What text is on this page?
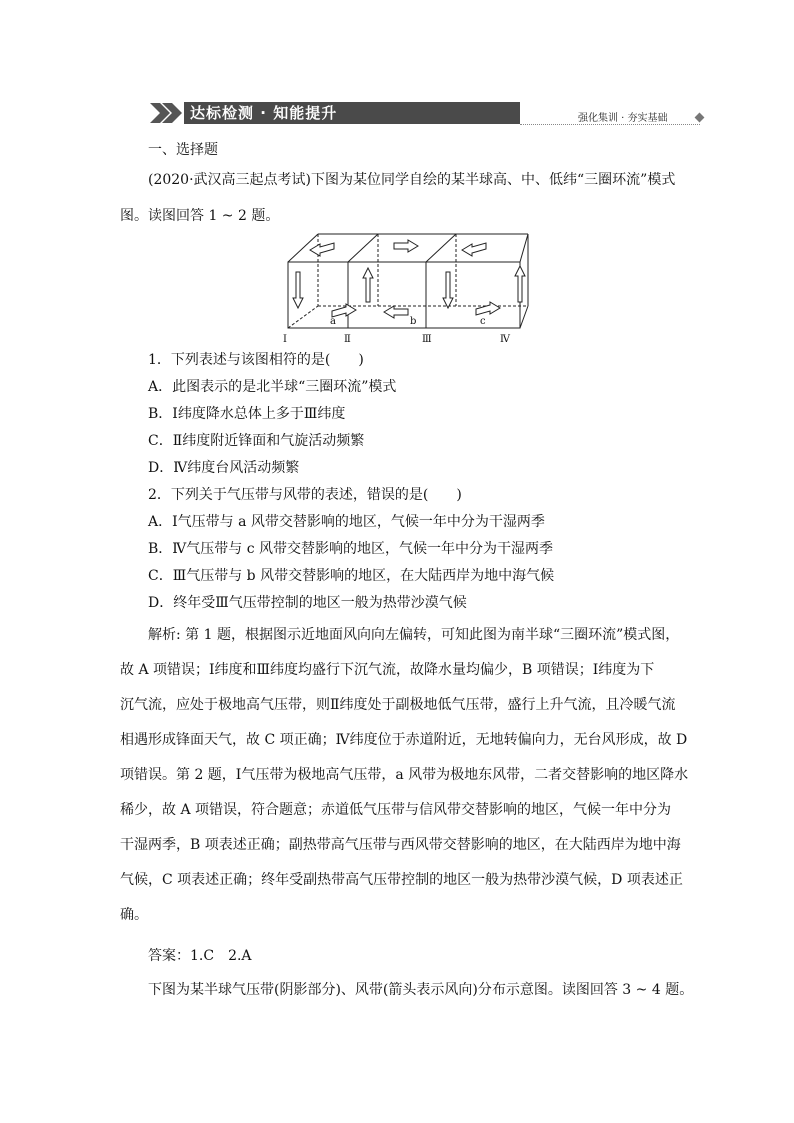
达标检测 · 知能提升	强化集训 · 夯实基础
一、选择题
(2020·武汉高三起点考试)下图为某位同学自绘的某半球高、中、低纬“三圈环流”模式
图。读图回答 1 ~ 2 题。
Ⅰ	Ⅱ	Ⅲ	Ⅳ
a	b	c
1．下列表述与该图相符的是(　　)
A．此图表示的是北半球“三圈环流”模式
B．Ⅰ纬度降水总体上多于Ⅲ纬度
C．Ⅱ纬度附近锋面和气旋活动频繁
D．Ⅳ纬度台风活动频繁
2．下列关于气压带与风带的表述，错误的是(　　)
A．Ⅰ气压带与 a 风带交替影响的地区，气候一年中分为干湿两季
B．Ⅳ气压带与 c 风带交替影响的地区，气候一年中分为干湿两季
C．Ⅲ气压带与 b 风带交替影响的地区，在大陆西岸为地中海气候
D．终年受Ⅲ气压带控制的地区一般为热带沙漠气候
解析: 第 1 题，根据图示近地面风向向左偏转，可知此图为南半球“三圈环流”模式图，
故 A 项错误；Ⅰ纬度和Ⅲ纬度均盛行下沉气流，故降水量均偏少，B 项错误；Ⅰ纬度为下
沉气流，应处于极地高气压带，则Ⅱ纬度处于副极地低气压带，盛行上升气流，且冷暖气流
相遇形成锋面天气，故 C 项正确；Ⅳ纬度位于赤道附近，无地转偏向力，无台风形成，故 D
项错误。第 2 题，Ⅰ气压带为极地高气压带，a 风带为极地东风带，二者交替影响的地区降水
稀少，故 A 项错误，符合题意；赤道低气压带与信风带交替影响的地区，气候一年中分为
干湿两季，B 项表述正确；副热带高气压带与西风带交替影响的地区，在大陆西岸为地中海
气候，C 项表述正确；终年受副热带高气压带控制的地区一般为热带沙漠气候，D 项表述正
确。
答案：1.C　2.A
下图为某半球气压带(阴影部分)、风带(箭头表示风向)分布示意图。读图回答 3 ~ 4 题。
